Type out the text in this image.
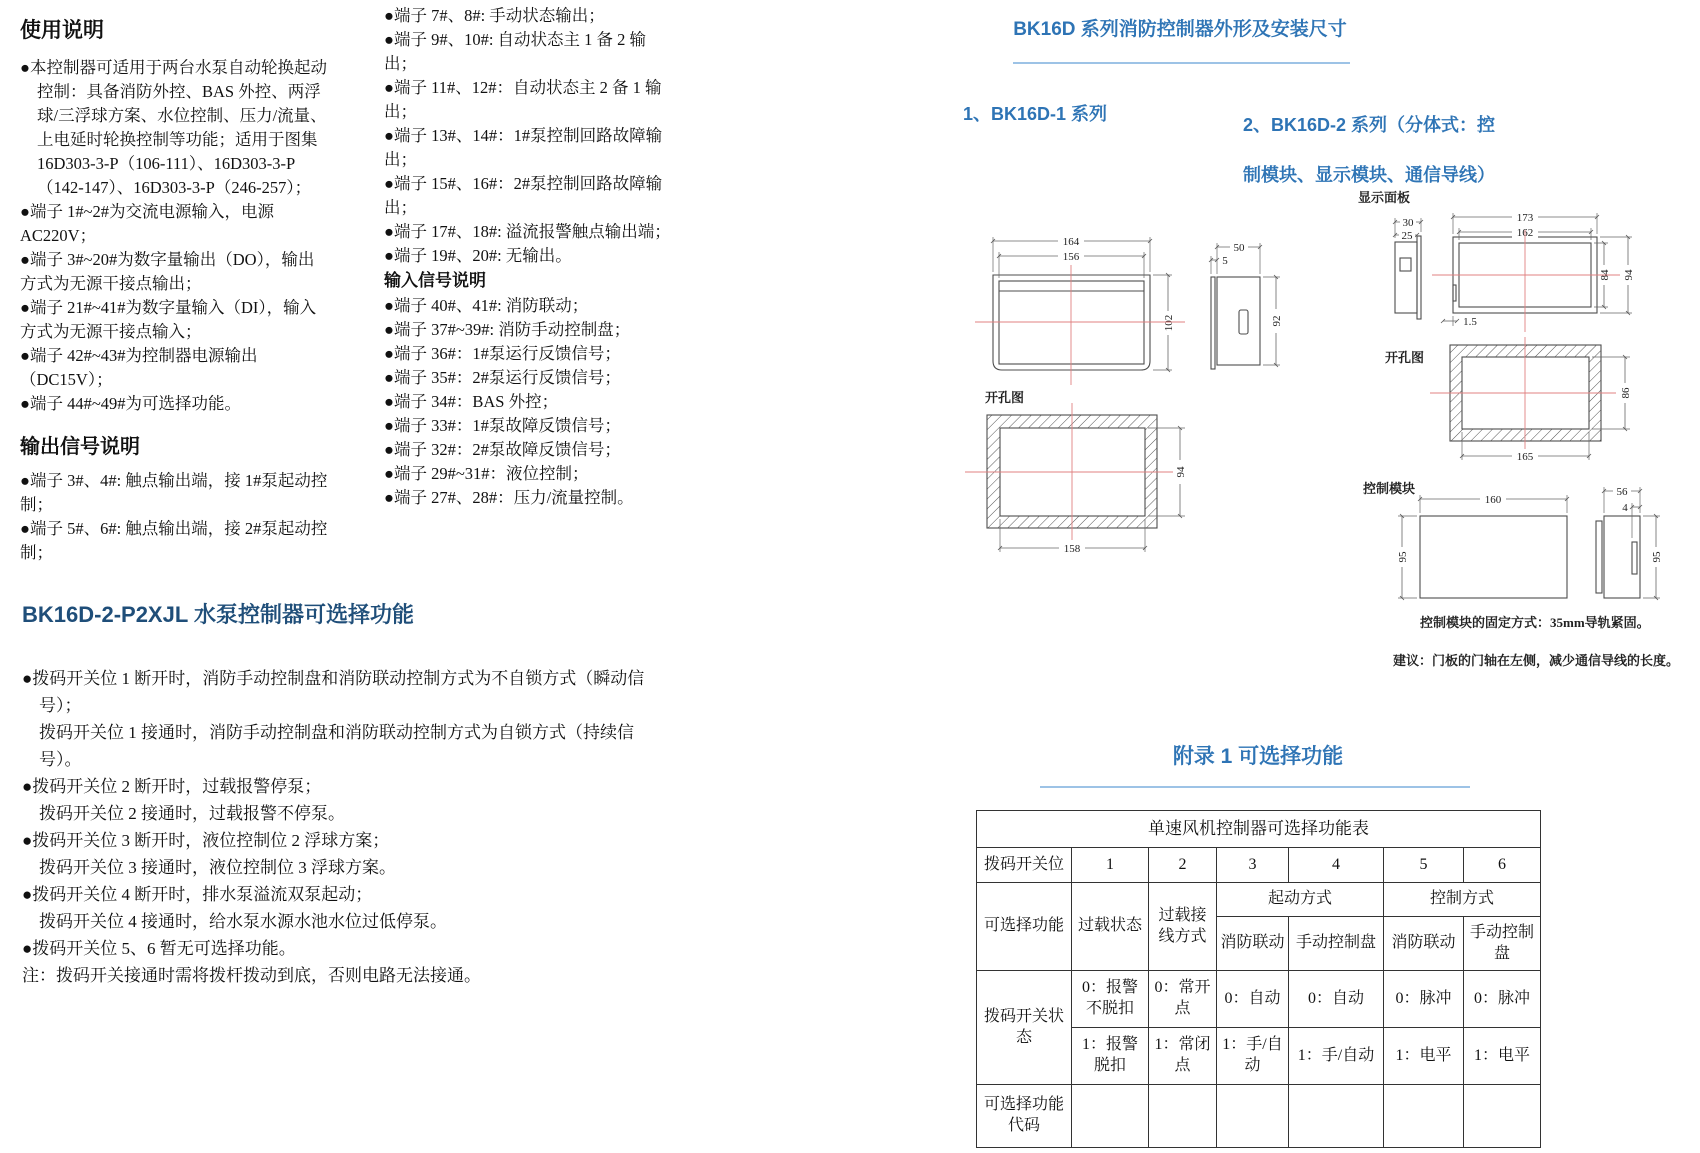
使用说明

●本控制器可适用于两台水泵自动轮换起动控制：具备消防外控、BAS 外控、两浮球/三浮球方案、水位控制、压力/流量、上电延时轮换控制等功能；适用于图集 16D303-3-P（106-111）、16D303-3-P（142-147）、16D303-3-P（246-257）；

●端子 1#~2#为交流电源输入，电源 AC220V；

●端子 3#~20#为数字量输出（DO），输出方式为无源干接点输出；

●端子 21#~41#为数字量输入（DI），输入方式为无源干接点输入；

●端子 42#~43#为控制器电源输出（DC15V）；

●端子 44#~49#为可选择功能。

输出信号说明

●端子 3#、4#: 触点输出端，接 1#泵起动控制；

●端子 5#、6#: 触点输出端，接 2#泵起动控制；

●端子 7#、8#: 手动状态输出；

●端子 9#、10#: 自动状态主 1 备 2 输出；

●端子 11#、12#：自动状态主 2 备 1 输出；

●端子 13#、14#：1#泵控制回路故障输出；

●端子 15#、16#：2#泵控制回路故障输出；

●端子 17#、18#: 溢流报警触点输出端；

●端子 19#、20#: 无输出。

输入信号说明

●端子 40#、41#: 消防联动；

●端子 37#~39#: 消防手动控制盘；

●端子 36#：1#泵运行反馈信号；

●端子 35#：2#泵运行反馈信号；

●端子 34#：BAS 外控；

●端子 33#：1#泵故障反馈信号；

●端子 32#：2#泵故障反馈信号；

●端子 29#~31#：液位控制；

●端子 27#、28#：压力/流量控制。

BK16D-2-P2XJL 水泵控制器可选择功能

●拨码开关位 1 断开时，消防手动控制盘和消防联动控制方式为不自锁方式（瞬动信号）；

拨码开关位 1 接通时，消防手动控制盘和消防联动控制方式为自锁方式（持续信号）。

●拨码开关位 2 断开时，过载报警停泵；

拨码开关位 2 接通时，过载报警不停泵。

●拨码开关位 3 断开时，液位控制位 2 浮球方案；

拨码开关位 3 接通时，液位控制位 3 浮球方案。

●拨码开关位 4 断开时，排水泵溢流双泵起动；

拨码开关位 4 接通时，给水泵水源水池水位过低停泵。

●拨码开关位 5、6 暂无可选择功能。

注：拨码开关接通时需将拨杆拨动到底，否则电路无法接通。

BK16D 系列消防控制器外形及安装尺寸
1、BK16D-1 系列
2、BK16D-2 系列（分体式：控制模块、显示模块、通信导线）
164
156
102
50
5
92
开孔图
94
158
显示面板
30
25
173
162
84 94
1.5
开孔图
86
165
控制模块
160
95
56
4
95
控制模块的固定方式：35mm导轨紧固。
建议：门板的门轴在左侧，减少通信导线的长度。
附录 1 可选择功能
单速风机控制器可选择功能表						
拨码开关位	1	2	3	4	5	6
可选择功能	过载状态	过载接线方式	起动方式		控制方式	
			消防联动	手动控制盘	消防联动	手动控制盘
拨码开关状态	0：报警不脱扣	0：常开点	0：自动	0：自动	0：脉冲	0：脉冲
	1：报警脱扣	1：常闭点	1：手/自动	1：手/自动	1：电平	1：电平
可选择功能代码						
